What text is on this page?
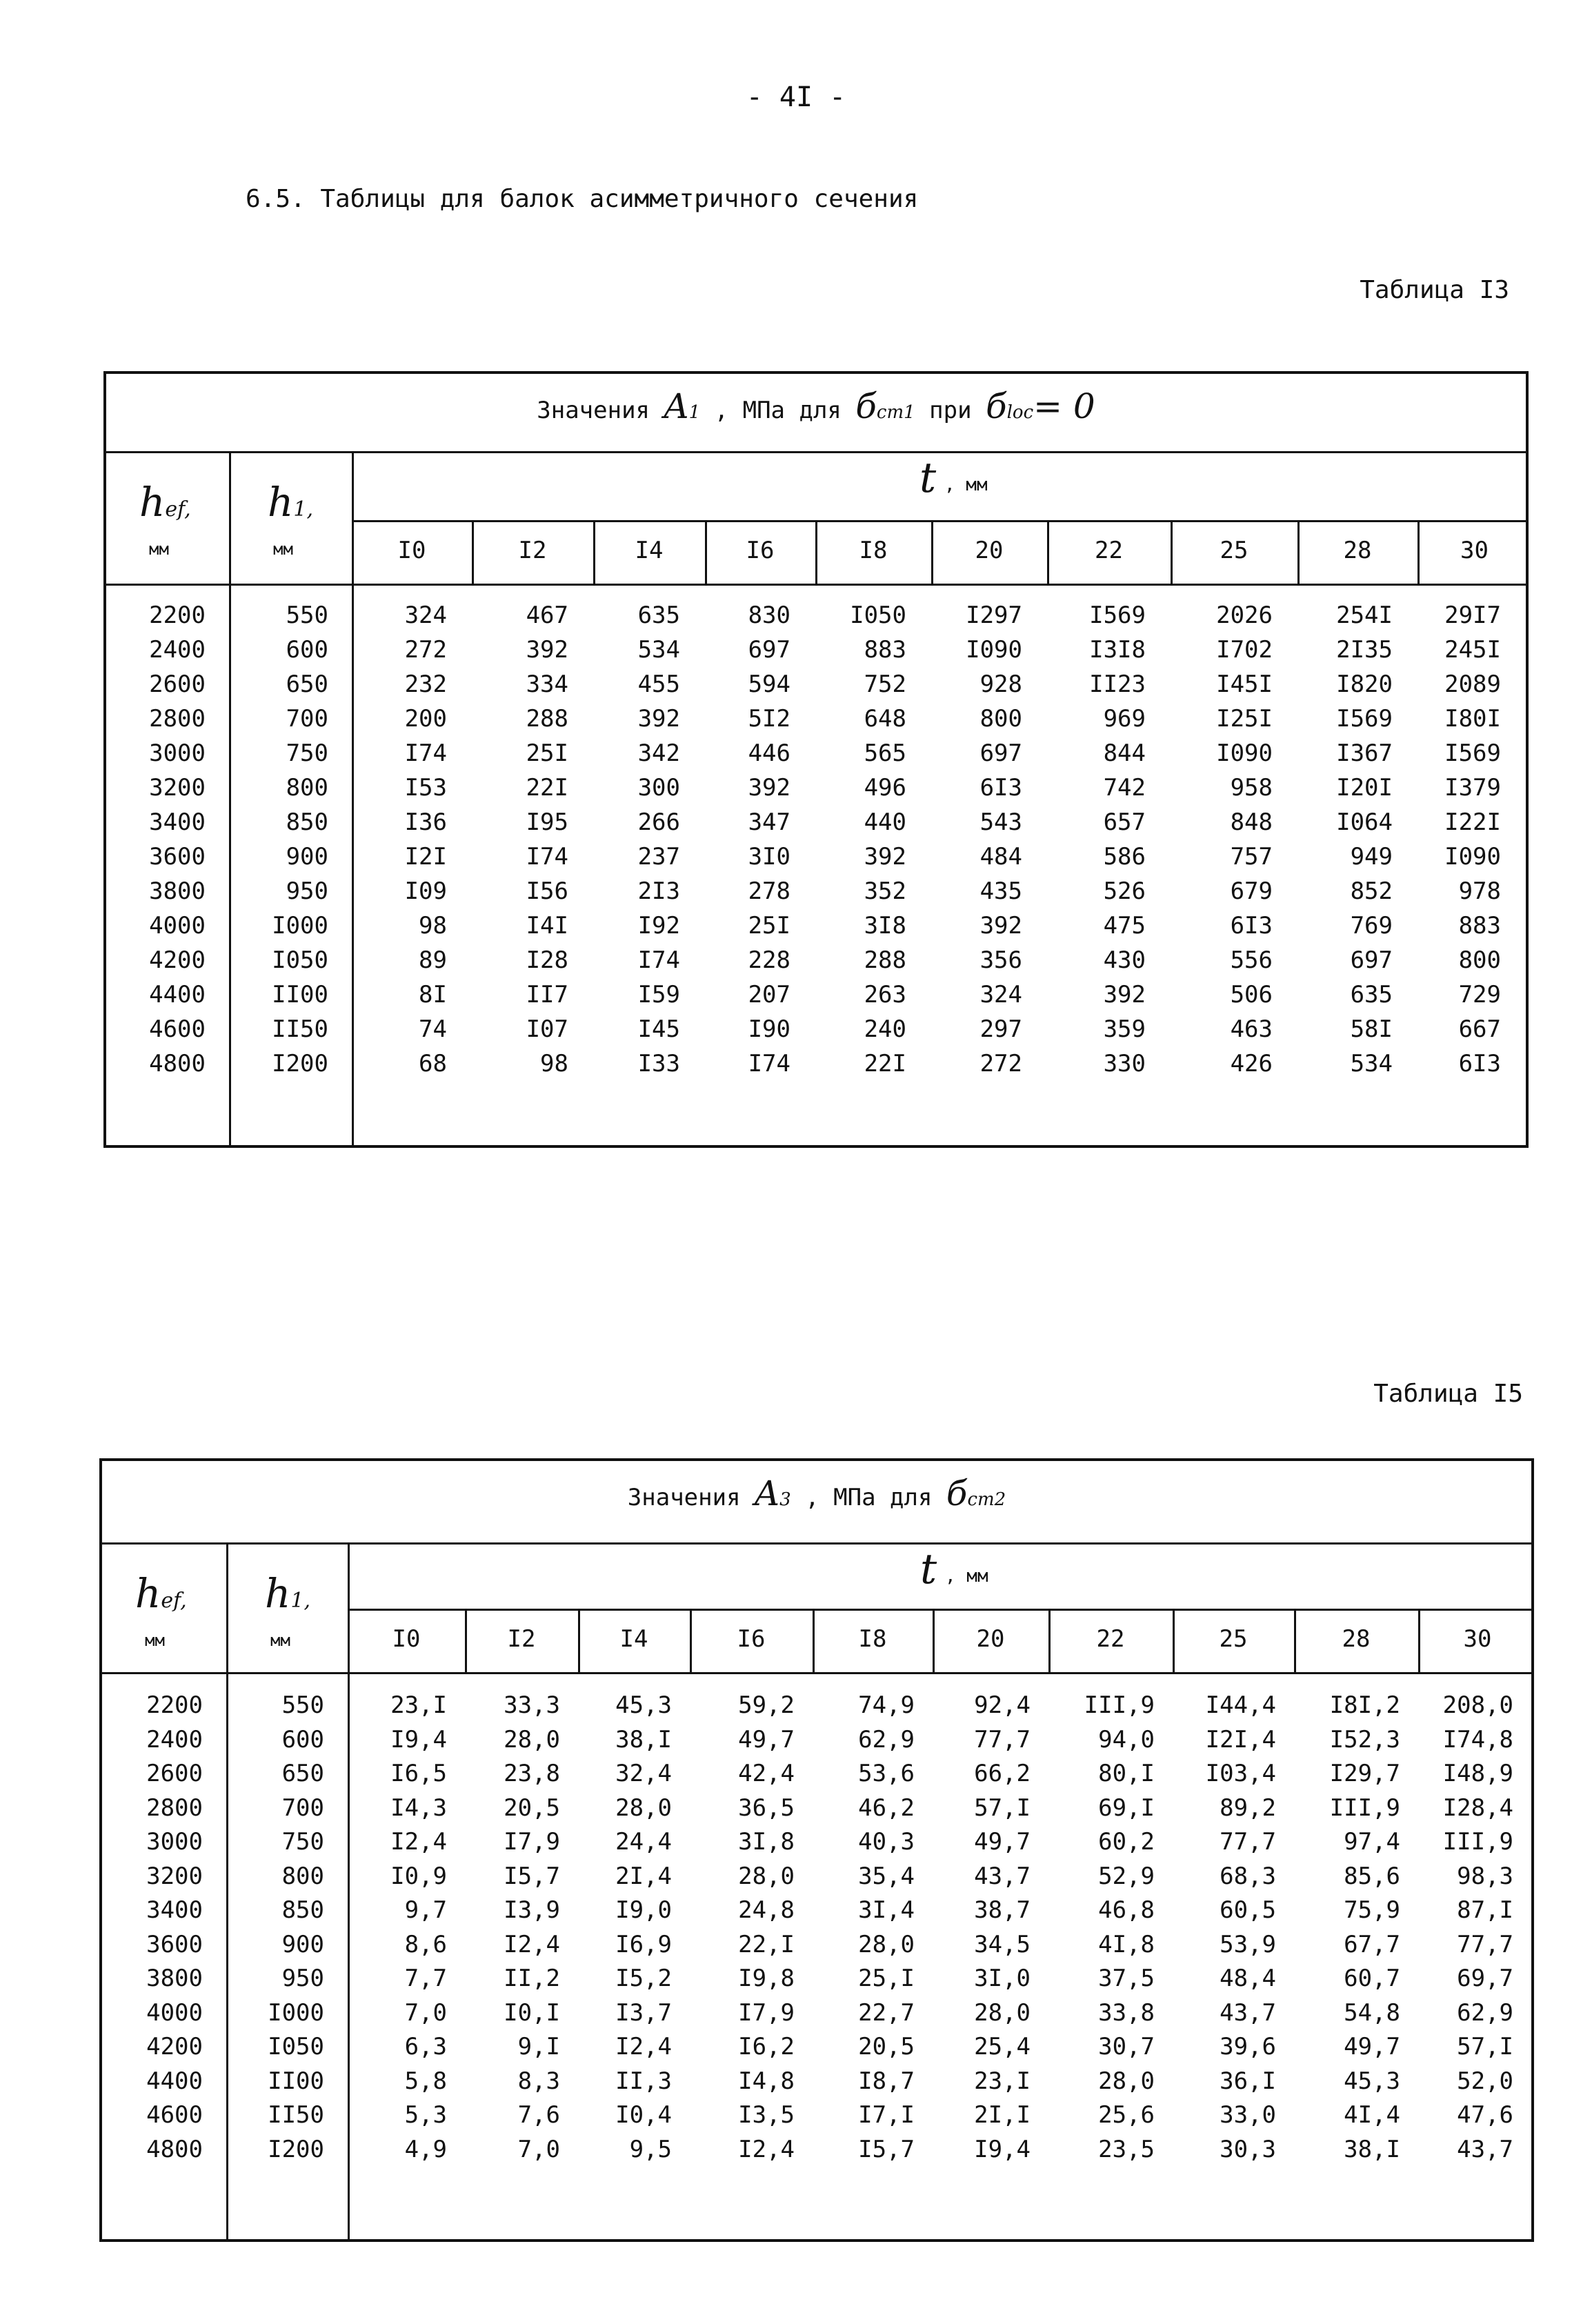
- 4I -
6.5. Таблицы для балок асимметричного сечения
Таблица I3
Значения A1 , МПа для бст1 при бloc= 0
hef,
мм
h1,
мм
t , мм
I0	I2	I4	I6	I8	20	22	25	28	30
2200	550	324	467	635	830	I050	I297	I569	2026	254I	29I7
2400	600	272	392	534	697	883	I090	I3I8	I702	2I35	245I
2600	650	232	334	455	594	752	928	II23	I45I	I820	2089
2800	700	200	288	392	5I2	648	800	969	I25I	I569	I80I
3000	750	I74	25I	342	446	565	697	844	I090	I367	I569
3200	800	I53	22I	300	392	496	6I3	742	958	I20I	I379
3400	850	I36	I95	266	347	440	543	657	848	I064	I22I
3600	900	I2I	I74	237	3I0	392	484	586	757	949	I090
3800	950	I09	I56	2I3	278	352	435	526	679	852	978
4000	I000	98	I4I	I92	25I	3I8	392	475	6I3	769	883
4200	I050	89	I28	I74	228	288	356	430	556	697	800
4400	II00	8I	II7	I59	207	263	324	392	506	635	729
4600	II50	74	I07	I45	I90	240	297	359	463	58I	667
4800	I200	68	98	I33	I74	22I	272	330	426	534	6I3
Таблица I5
Значения A3 , МПа для бст2
hef,
мм
h1,
мм
t , мм
I0	I2	I4	I6	I8	20	22	25	28	30
2200	550	23,I	33,3	45,3	59,2	74,9	92,4	III,9	I44,4	I8I,2	208,0
2400	600	I9,4	28,0	38,I	49,7	62,9	77,7	94,0	I2I,4	I52,3	I74,8
2600	650	I6,5	23,8	32,4	42,4	53,6	66,2	80,I	I03,4	I29,7	I48,9
2800	700	I4,3	20,5	28,0	36,5	46,2	57,I	69,I	89,2	III,9	I28,4
3000	750	I2,4	I7,9	24,4	3I,8	40,3	49,7	60,2	77,7	97,4	III,9
3200	800	I0,9	I5,7	2I,4	28,0	35,4	43,7	52,9	68,3	85,6	98,3
3400	850	9,7	I3,9	I9,0	24,8	3I,4	38,7	46,8	60,5	75,9	87,I
3600	900	8,6	I2,4	I6,9	22,I	28,0	34,5	4I,8	53,9	67,7	77,7
3800	950	7,7	II,2	I5,2	I9,8	25,I	3I,0	37,5	48,4	60,7	69,7
4000	I000	7,0	I0,I	I3,7	I7,9	22,7	28,0	33,8	43,7	54,8	62,9
4200	I050	6,3	9,I	I2,4	I6,2	20,5	25,4	30,7	39,6	49,7	57,I
4400	II00	5,8	8,3	II,3	I4,8	I8,7	23,I	28,0	36,I	45,3	52,0
4600	II50	5,3	7,6	I0,4	I3,5	I7,I	2I,I	25,6	33,0	4I,4	47,6
4800	I200	4,9	7,0	9,5	I2,4	I5,7	I9,4	23,5	30,3	38,I	43,7
